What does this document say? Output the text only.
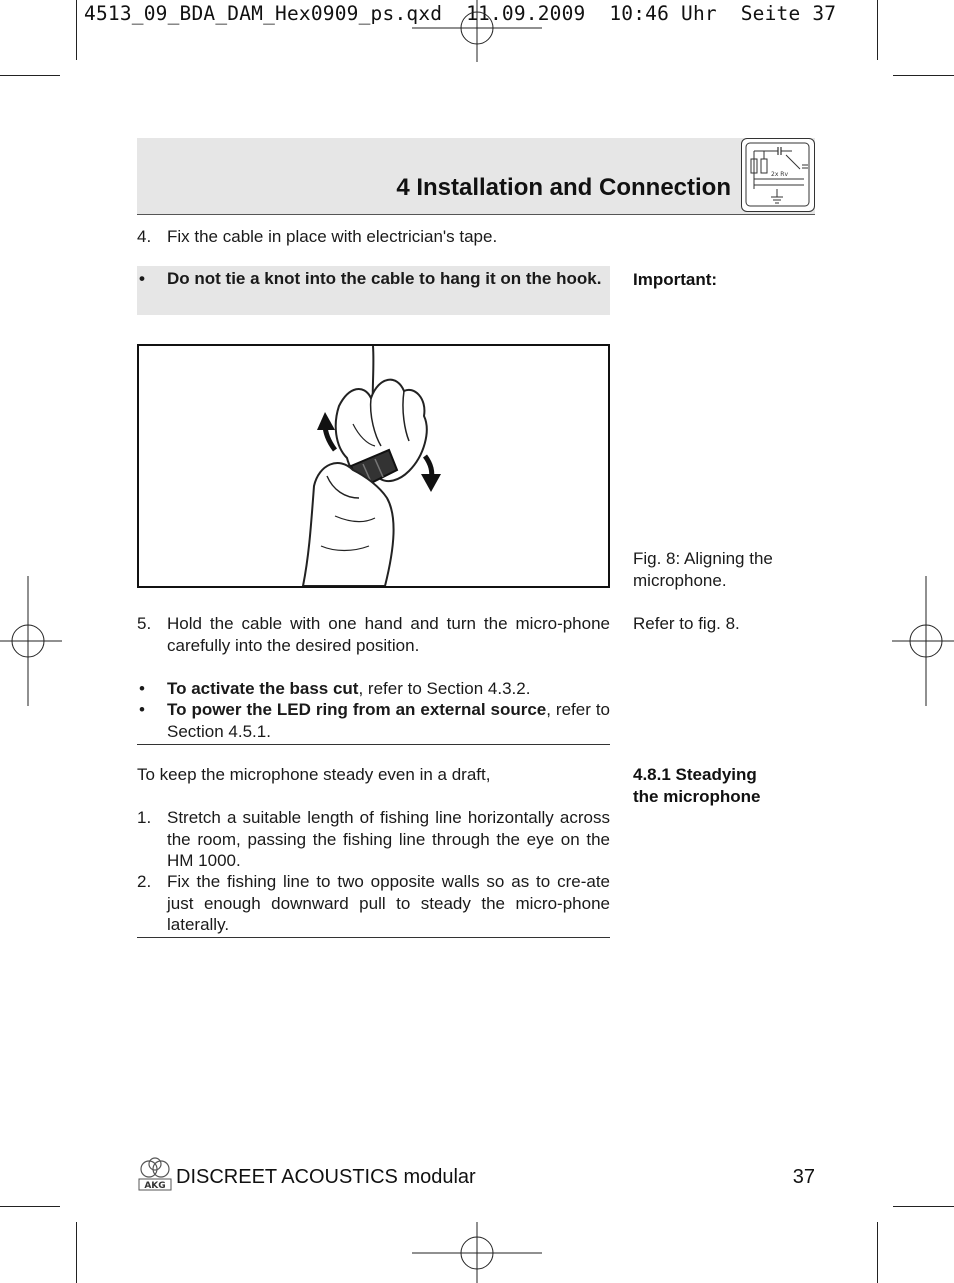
4513_09_BDA_DAM_Hex0909_ps.qxd  11.09.2009  10:46 Uhr  Seite 37
4 Installation and Connection	2x Rv
4. Fix the cable in place with electrician's tape.
• Do not tie a knot into the cable to hang it on the hook.	Important:
Fig. 8: Aligning the microphone.
5. Hold the cable with one hand and turn the micro-phone carefully into the desired position.
Refer to fig. 8.
• To activate the bass cut, refer to Section 4.3.2.
• To power the LED ring from an external source, refer to Section 4.5.1.
4.8.1 Steadying
the microphone
To keep the microphone steady even in a draft,
1. Stretch a suitable length of fishing line horizontally across the room, passing the fishing line through the eye on the HM 1000.
2. Fix the fishing line to two opposite walls so as to cre-ate just enough downward pull to steady the micro-phone laterally.
AKG DISCREET ACOUSTICS modular	37
